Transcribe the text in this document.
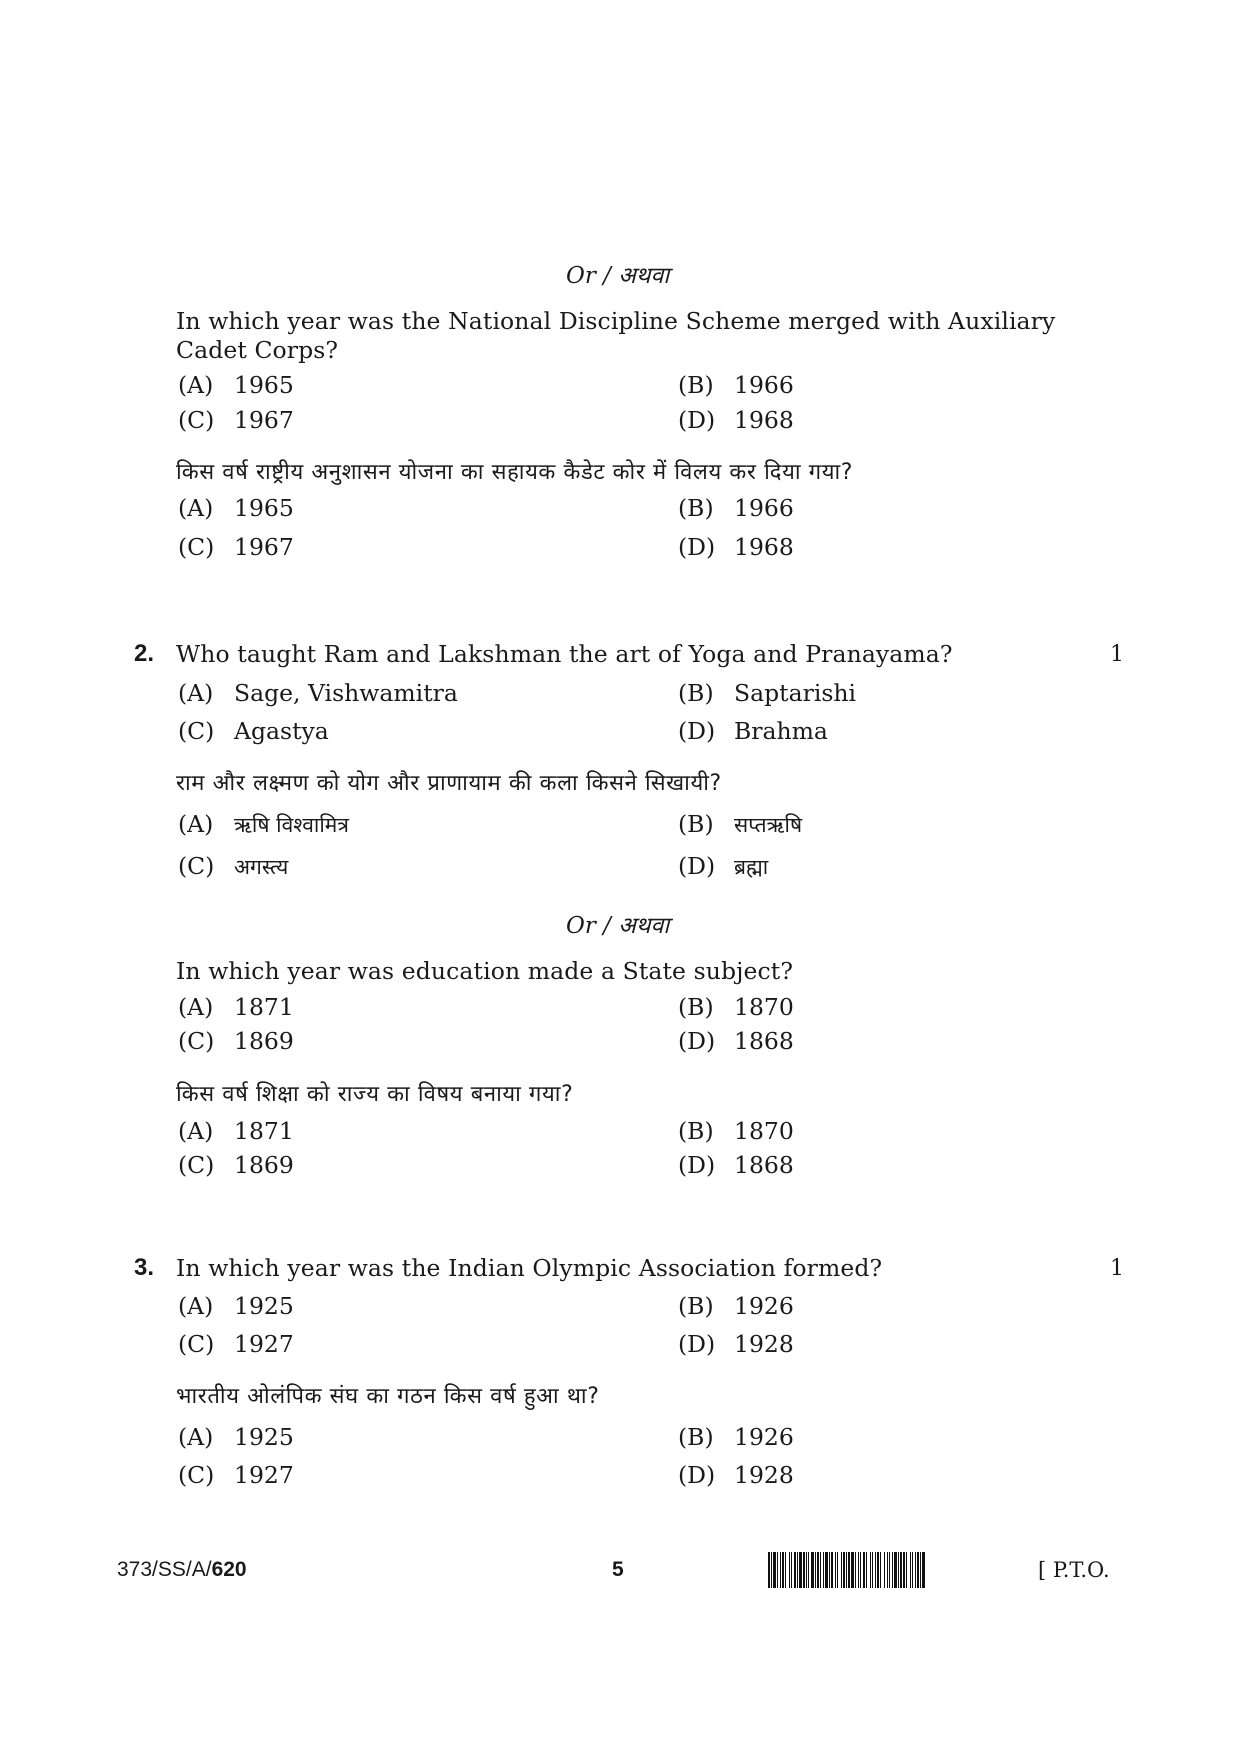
Or / अथवा
In which year was the National Discipline Scheme merged with Auxiliary
Cadet Corps?
(A) 1965	(B) 1966
(C) 1967	(D) 1968
किस वर्ष राष्ट्रीय अनुशासन योजना का सहायक कैडेट कोर में विलय कर दिया गया?
(A) 1965	(B) 1966
(C) 1967	(D) 1968
2. Who taught Ram and Lakshman the art of Yoga and Pranayama?	1
(A) Sage, Vishwamitra	(B) Saptarishi
(C) Agastya	(D) Brahma
राम और लक्ष्मण को योग और प्राणायाम की कला किसने सिखायी?
(A) ऋषि विश्वामित्र	(B) सप्तऋषि
(C) अगस्त्य	(D) ब्रह्मा
Or / अथवा
In which year was education made a State subject?
(A) 1871	(B) 1870
(C) 1869	(D) 1868
किस वर्ष शिक्षा को राज्य का विषय बनाया गया?
(A) 1871	(B) 1870
(C) 1869	(D) 1868
3. In which year was the Indian Olympic Association formed?	1
(A) 1925	(B) 1926
(C) 1927	(D) 1928
भारतीय ओलंपिक संघ का गठन किस वर्ष हुआ था?
(A) 1925	(B) 1926
(C) 1927	(D) 1928
373/SS/A/620	5	[ P.T.O.
